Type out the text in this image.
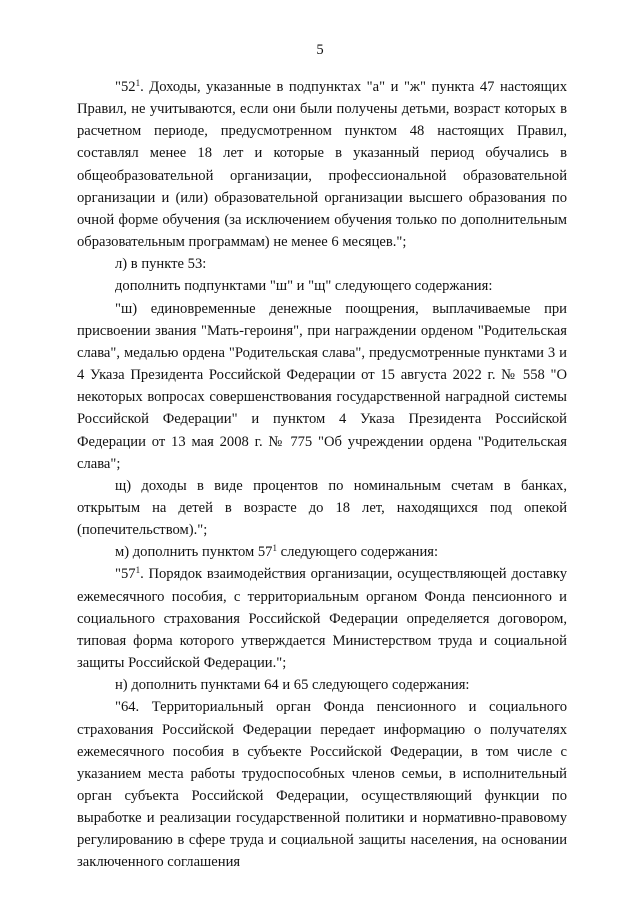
5

"$52^1$. Доходы, указанные в подпунктах "а" и "ж" пункта 47 настоящих Правил, не учитываются, если они были получены детьми, возраст которых в расчетном периоде, предусмотренном пунктом 48 настоящих Правил, составлял менее 18 лет и которые в указанный период обучались в общеобразовательной организации, профессиональной образовательной организации и (или) образовательной организации высшего образования по очной форме обучения (за исключением обучения только по дополнительным образовательным программам) не менее 6 месяцев.";

л) в пункте 53:

дополнить подпунктами "ш" и "щ" следующего содержания:

"ш) единовременные денежные поощрения, выплачиваемые при присвоении звания "Мать-героиня", при награждении орденом "Родительская слава", медалью ордена "Родительская слава", предусмотренные пунктами 3 и 4 Указа Президента Российской Федерации от 15 августа 2022 г. № 558 "О некоторых вопросах совершенствования государственной наградной системы Российской Федерации" и пунктом 4 Указа Президента Российской Федерации от 13 мая 2008 г. № 775 "Об учреждении ордена "Родительская слава";

щ) доходы в виде процентов по номинальным счетам в банках, открытым на детей в возрасте до 18 лет, находящихся под опекой (попечительством).";

м) дополнить пунктом $57^1$ следующего содержания:

"$57^1$. Порядок взаимодействия организации, осуществляющей доставку ежемесячного пособия, с территориальным органом Фонда пенсионного и социального страхования Российской Федерации определяется договором, типовая форма которого утверждается Министерством труда и социальной защиты Российской Федерации.";

н) дополнить пунктами 64 и 65 следующего содержания:

"64. Территориальный орган Фонда пенсионного и социального страхования Российской Федерации передает информацию о получателях ежемесячного пособия в субъекте Российской Федерации, в том числе с указанием места работы трудоспособных членов семьи, в исполнительный орган субъекта Российской Федерации, осуществляющий функции по выработке и реализации государственной политики и нормативно-правовому регулированию в сфере труда и социальной защиты населения, на основании заключенного соглашения
